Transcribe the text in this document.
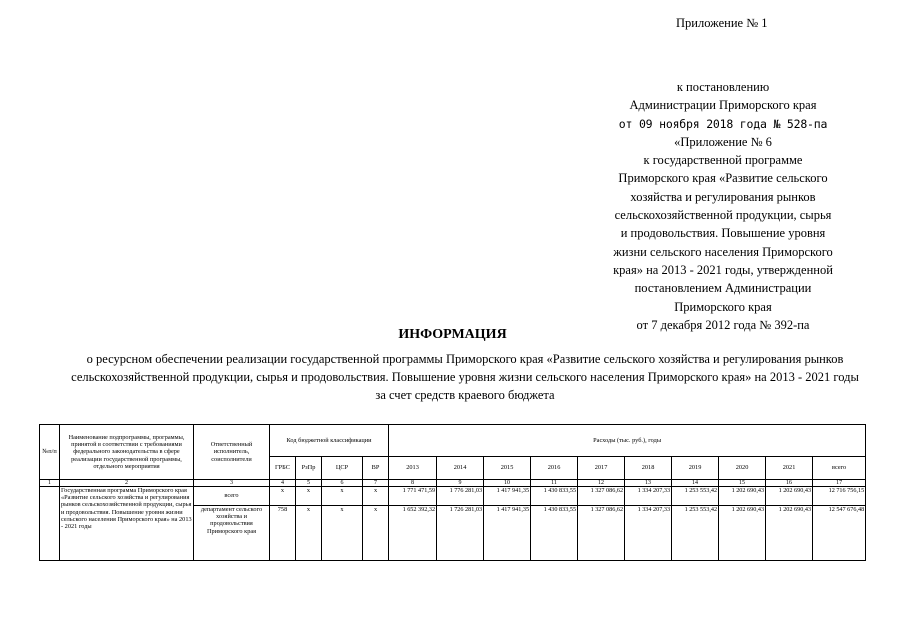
Приложение № 1
к постановлению
Администрации Приморского края
от 09 ноября 2018 года № 528-па
«Приложение № 6
к государственной программе
Приморского края «Развитие сельского
хозяйства и регулирования рынков
сельскохозяйственной продукции, сырья
и продовольствия. Повышение уровня
жизни сельского населения Приморского
края» на 2013 - 2021 годы, утвержденной
постановлением Администрации
Приморского края
от 7 декабря 2012 года № 392-па
ИНФОРМАЦИЯ
о ресурсном обеспечении реализации государственной программы Приморского края «Развитие сельского хозяйства и регулирования рынков сельскохозяйственной продукции, сырья и продовольствия. Повышение уровня жизни сельского населения Приморского края» на 2013 - 2021 годы за счет средств краевого бюджета
№п/п	Наименование подпрограммы, программы, принятой в соответствии с требованиями федерального законодательства в сфере реализации государственной программы, отдельного мероприятия	Ответственный исполнитель, соисполнители	Код бюджетной классификации				Расходы (тыс. руб.), годы									
			ГРБС	РзПр	ЦСР	ВР	2013	2014	2015	2016	2017	2018	2019	2020	2021	всего
1	2	3	4	5	6	7	8	9	10	11	12	13	14	15	16	17
	Государственная программа Приморского края «Развитие сельского хозяйства и регулирования рынков сельскохозяйственной продукции, сырья и продовольствия. Повышение уровня жизни сельского населения Приморского края» на 2013 - 2021 годы	всего	x	x	x	x	1 771 471,59	1 776 281,03	1 417 941,35	1 430 833,55	1 327 086,62	1 334 207,33	1 253 553,42	1 202 690,43	1 202 690,43	12 716 756,15
		департамент сельского хозяйства и продовольствия Приморского края	758	x	x	x	1 652 392,32	1 726 281,03	1 417 941,35	1 430 833,55	1 327 086,62	1 334 207,33	1 253 553,42	1 202 690,43	1 202 690,43	12 547 676,48
